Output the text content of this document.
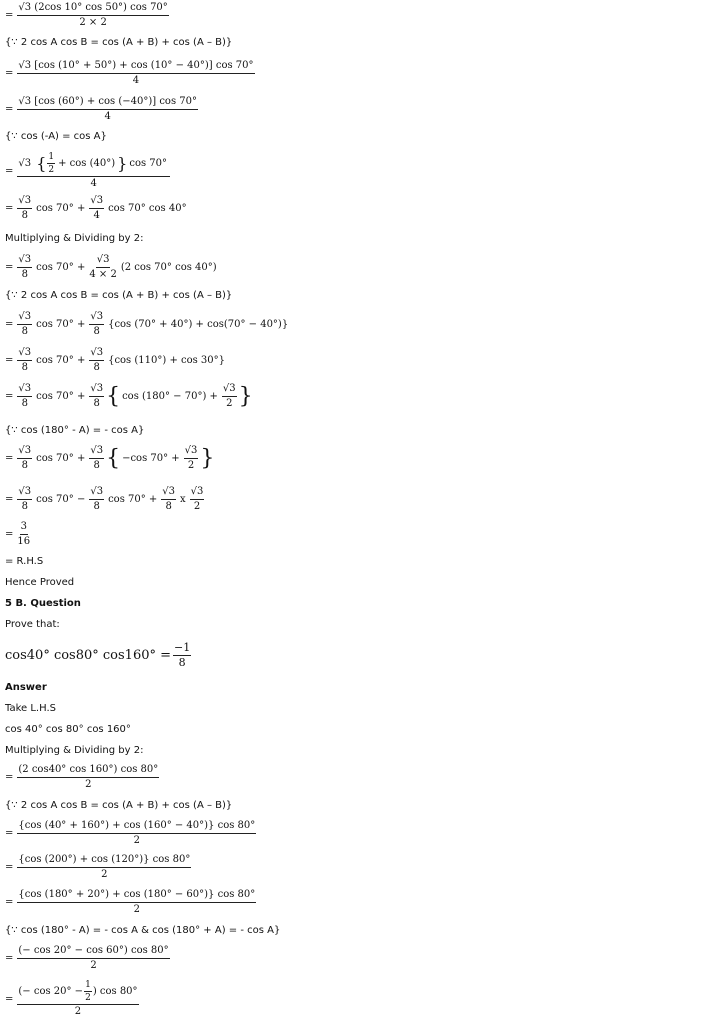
= $\frac{√3 (2\cos 10^\circ \cos 50^\circ) \cos 70^\circ}{2 \times 2}$
{∵ 2 cos A cos B = cos (A + B) + cos (A – B)}
= $\frac{√3 [\cos (10^\circ + 50^\circ) + \cos (10^\circ - 40^\circ)] \cos 70^\circ}{4}$
= $\frac{√3 [\cos (60^\circ) + \cos (-40^\circ)] \cos 70^\circ}{4}$
{∵ cos (-A) = cos A}
=
√3 { $\frac{1}{2} + \cos (40^\circ)$ } cos 70°
4
= $\frac{√3}{8}$ $\cos 70^\circ + \frac{√3}{4}$ cos 70° cos 40°
Multiplying & Dividing by 2:
= $\frac{√3}{8}$ $\cos 70^\circ + \frac{√3}{4 \times 2} (2$ cos 70° cos 40°)
{∵ 2 cos A cos B = cos (A + B) + cos (A – B)}
= $\frac{√3}{8}$ $\cos 70^\circ + \frac{√3}{8} \{\cos$ (70° + 40°) + cos(70° − 40°)}
= $\frac{√3}{8}$ $\cos 70^\circ + \frac{√3}{8} \{\cos$ (110°) + cos 30°}
= $\frac{√3}{8}$ $\cos 70^\circ + \frac{√3}{8}$ { $\cos (180^\circ - 70^\circ) + \frac{√3}{2}$ }
{∵ cos (180° - A) = - cos A}
= $\frac{√3}{8}$ $\cos 70^\circ + \frac{√3}{8}$ { −cos $70^\circ + \frac{√3}{2}$ }
= $\frac{√3}{8}$ $\cos 70^\circ - \frac{√3}{8}$ $\cos 70^\circ + \frac{√3}{8}$ x $\frac{√3}{2}$
= $\frac{3}{16}$
= R.H.S
Hence Proved
5 B. Question
Prove that:
cos40° cos80° $\cos 160^\circ = \frac{-1}{8}$
Answer
Take L.H.S
cos 40° cos 80° cos 160°
Multiplying & Dividing by 2:
= $\frac{(2 \cos 40^\circ \cos 160^\circ) \cos 80^\circ}{2}$
{∵ 2 cos A cos B = cos (A + B) + cos (A – B)}
= $\frac{\{\cos (40^\circ + 160^\circ) + \cos (160^\circ - 40^\circ)\} \cos 80^\circ}{2}$
= $\frac{\{\cos (200^\circ) + \cos (120^\circ)\} \cos 80^\circ}{2}$
= $\frac{\{\cos (180^\circ + 20^\circ) + \cos (180^\circ - 60^\circ)\} \cos 80^\circ}{2}$
{∵ cos (180° - A) = - cos A & cos (180° + A) = - cos A}
= $\frac{(- \cos 20^\circ - \cos 60^\circ) \cos 80^\circ}{2}$
= $\frac{(- \cos 20^\circ - \frac{1}{2} ) \cos 80^\circ}{2}$
